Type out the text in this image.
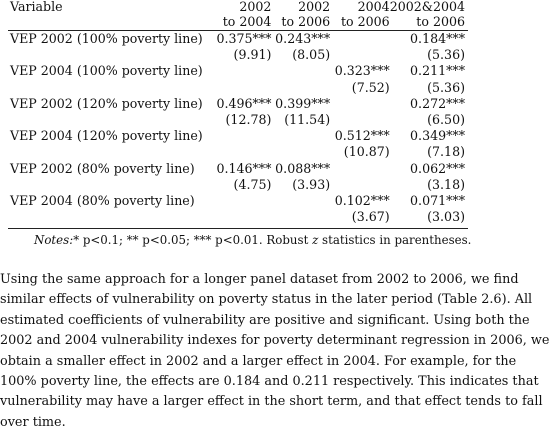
Variable	2002	2002	2004	2002&2004
	to 2004	to 2006	to 2006	to 2006
VEP 2002 (100% poverty line)	0.375***	0.243***		0.184***
	(9.91)	(8.05)		(5.36)
VEP 2004 (100% poverty line)			0.323***	0.211***
			(7.52)	(5.36)
VEP 2002 (120% poverty line)	0.496***	0.399***		0.272***
	(12.78)	(11.54)		(6.50)
VEP 2004 (120% poverty line)			0.512***	0.349***
			(10.87)	(7.18)
VEP 2002 (80% poverty line)	0.146***	0.088***		0.062***
	(4.75)	(3.93)		(3.18)
VEP 2004 (80% poverty line)			0.102***	0.071***
			(3.67)	(3.03)
Notes:* p<0.1; ** p<0.05; *** p<0.01. Robust z statistics in parentheses.

Using the same approach for a longer panel dataset from 2002 to 2006, we find
similar effects of vulnerability on poverty status in the later period (Table 2.6). All
estimated coefficients of vulnerability are positive and significant. Using both the
2002 and 2004 vulnerability indexes for poverty determinant regression in 2006, we
obtain a smaller effect in 2002 and a larger effect in 2004. For example, for the
100% poverty line, the effects are 0.184 and 0.211 respectively. This indicates that
vulnerability may have a larger effect in the short term, and that effect tends to fall
over time.
